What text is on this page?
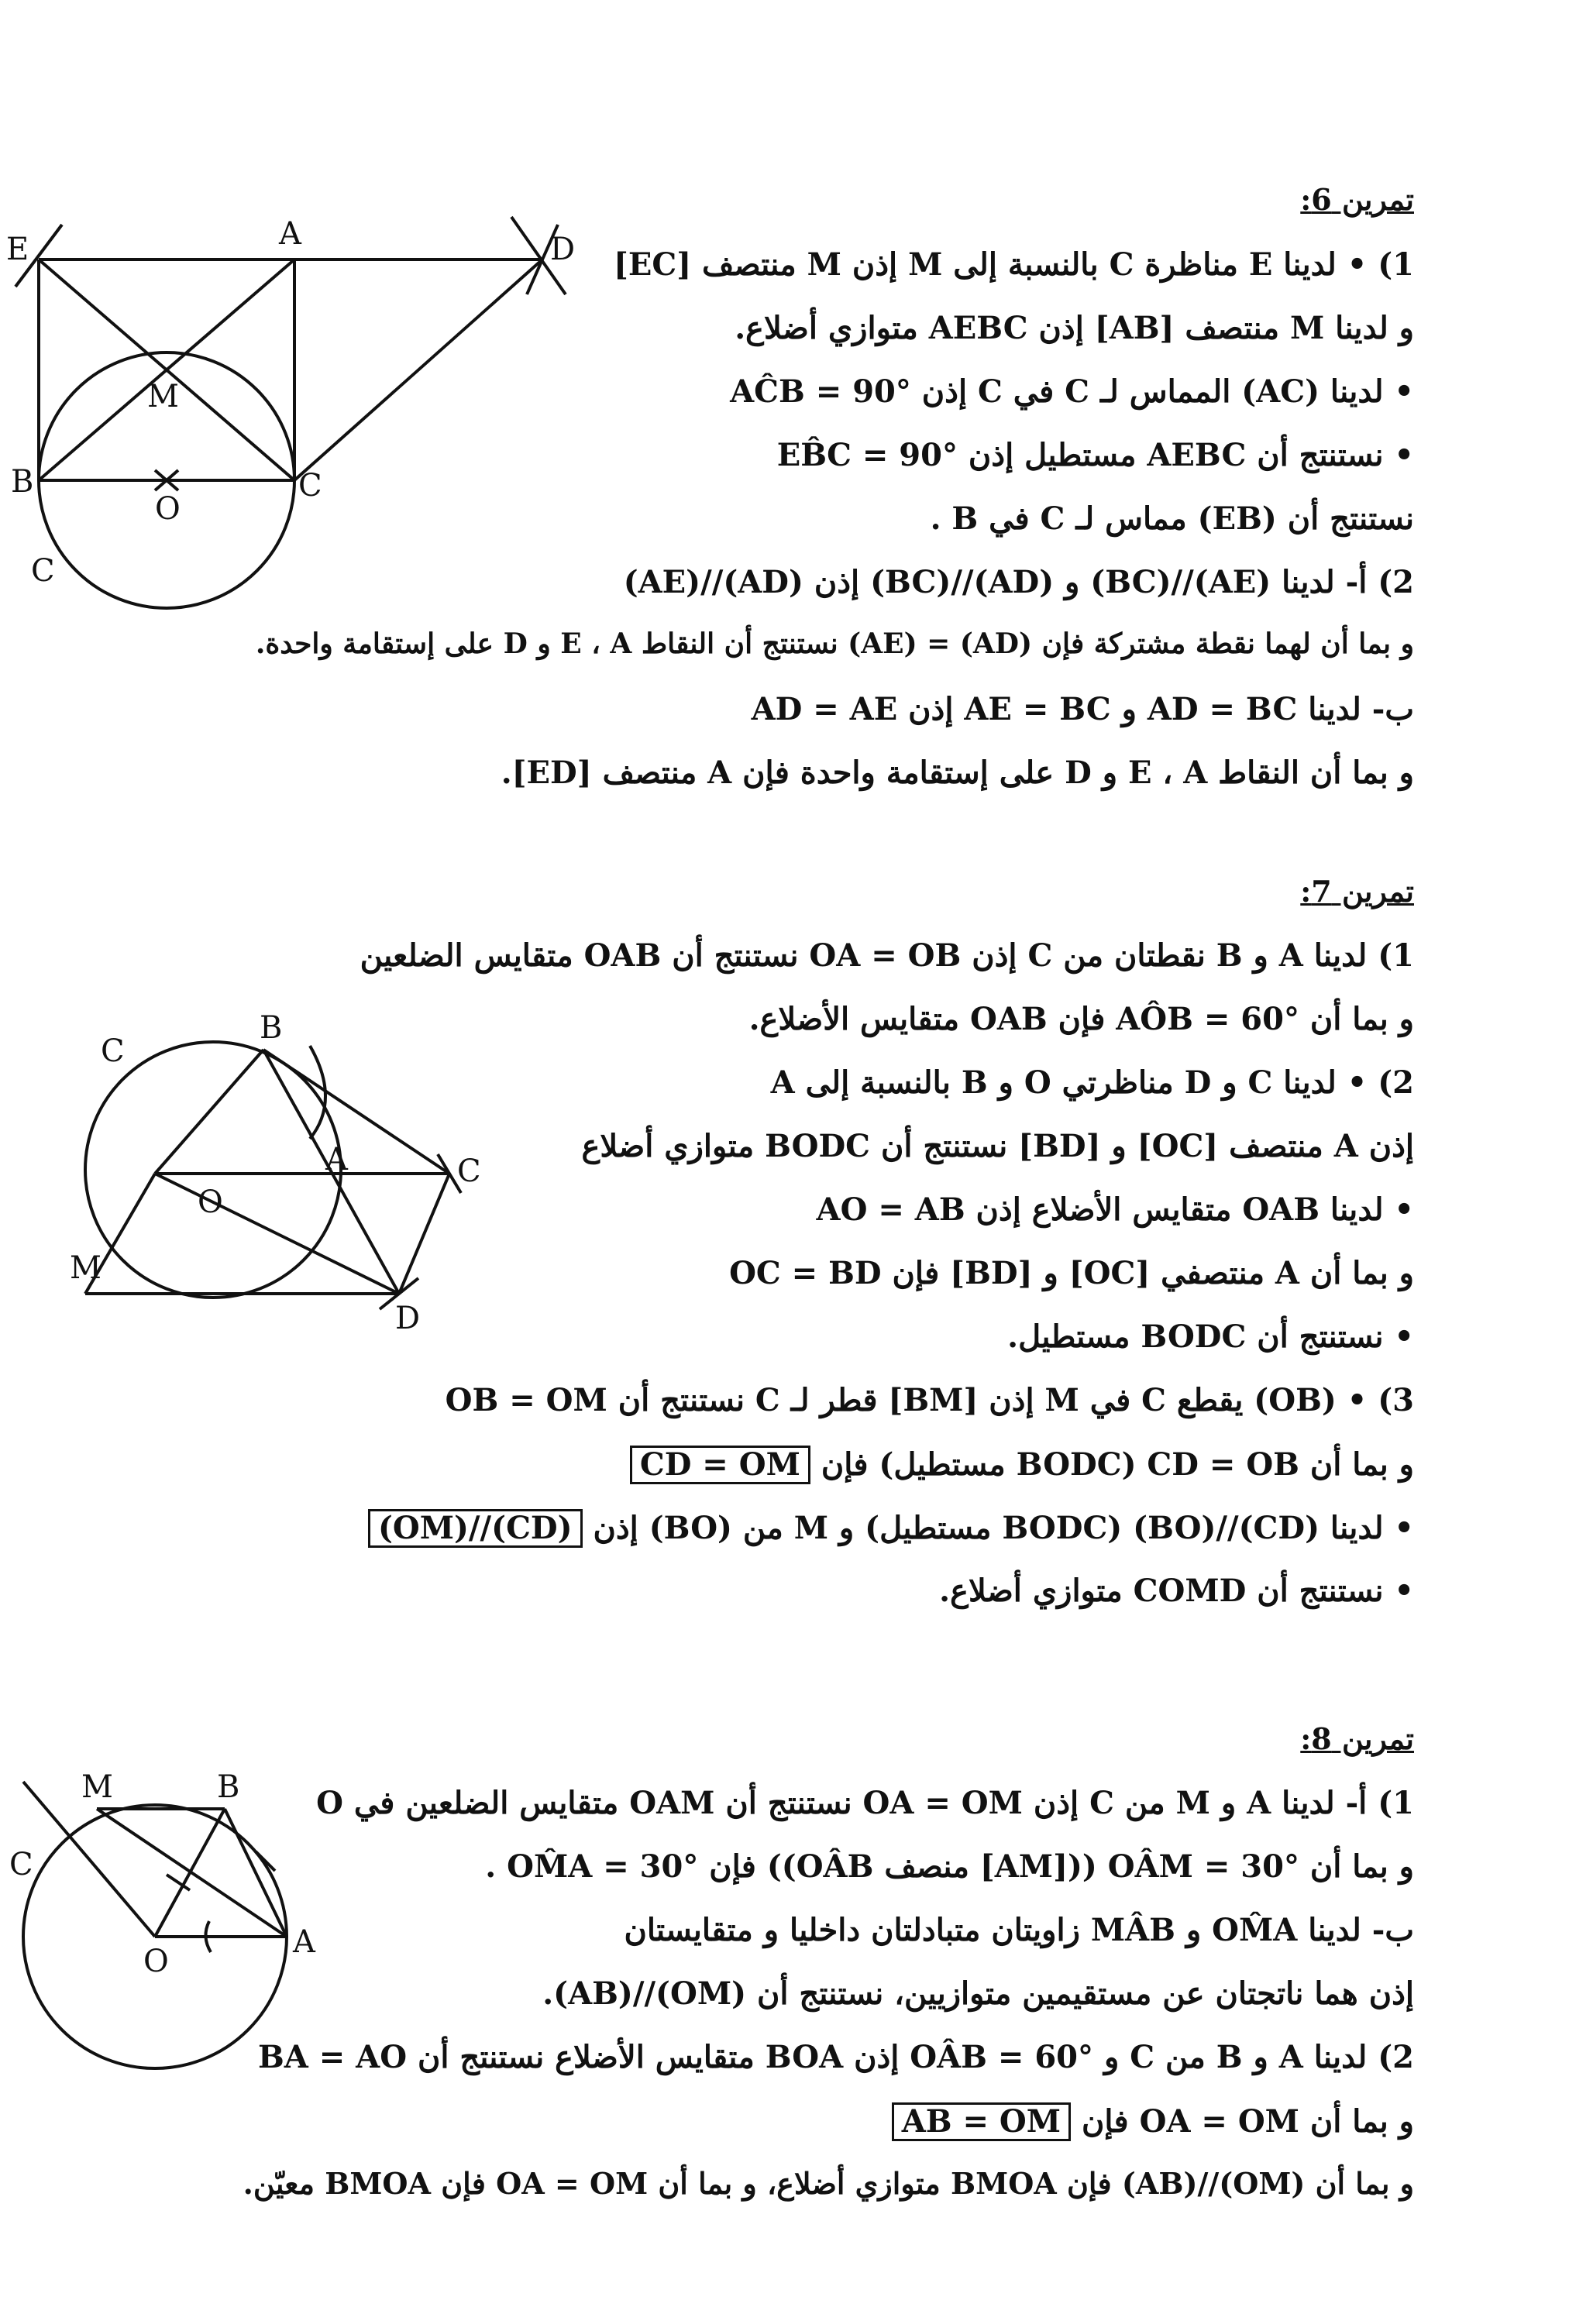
تمرين 6:
1) • لدينا E مناظرة C بالنسبة إلى M إذن M منتصف [EC]
و لدينا M منتصف [AB] إذن AEBC متوازي أضلاع.
• لدينا (AC) المماس لـ C في C إذن AĈB = 90°
• نستنتج أن AEBC مستطيل إذن EB̂C = 90°
نستنتج أن (EB) مماس لـ C في B .
2) أ- لدينا (AE)//(BC) و (AD)//(BC) إذن (AD)//(AE)
و بما أن لهما نقطة مشتركة فإن (AD) = (AE) نستنتج أن النقاط E ، A و D على إستقامة واحدة.
ب- لدينا AD = BC و AE = BC إذن AD = AE
و بما أن النقاط E ، A و D على إستقامة واحدة فإن A منتصف [ED].
E	A	D
M
B
O
C
C
تمرين 7:
1) لدينا A و B نقطتان من C إذن OA = OB نستنتج أن OAB متقايس الضلعين
و بما أن AÔB = 60° فإن OAB متقايس الأضلاع.
2) • لدينا C و D مناظرتي O و B بالنسبة إلى A
إذن A منتصف [OC] و [BD] نستنتج أن BODC متوازي أضلاع
• لدينا OAB متقايس الأضلاع إذن AO = AB
و بما أن A منتصفي [OC] و [BD] فإن OC = BD
• نستنتج أن BODC مستطيل.
3) • (OB) يقطع C في M إذن [BM] قطر لـ C نستنتج أن OB = OM
و بما أن CD = OB (BODC مستطيل) فإن CD = OM
• لدينا (CD)//(BO) (BODC مستطيل) و M من (BO) إذن (CD)//(OM)
• نستنتج أن COMD متوازي أضلاع.
C
B
A	C
O
M
D
تمرين 8:
1) أ- لدينا A و M من C إذن OA = OM نستنتج أن OAM متقايس الضلعين في O
و بما أن OÂM = 30° (([AM] منصف OÂB)) فإن OM̂A = 30° .
ب- لدينا OM̂A و MÂB زاويتان متبادلتان داخليا و متقايستان
إذن هما ناتجتان عن مستقيمين متوازيين، نستنتج أن (OM)//(AB).
2) لدينا A و B من C و OÂB = 60° إذن BOA متقايس الأضلاع نستنتج أن BA = AO
و بما أن OA = OM فإن AB = OM
و بما أن (OM)//(AB) فإن BMOA متوازي أضلاع، و بما أن OA = OM فإن BMOA معيّن.
M	B
C
O
A
